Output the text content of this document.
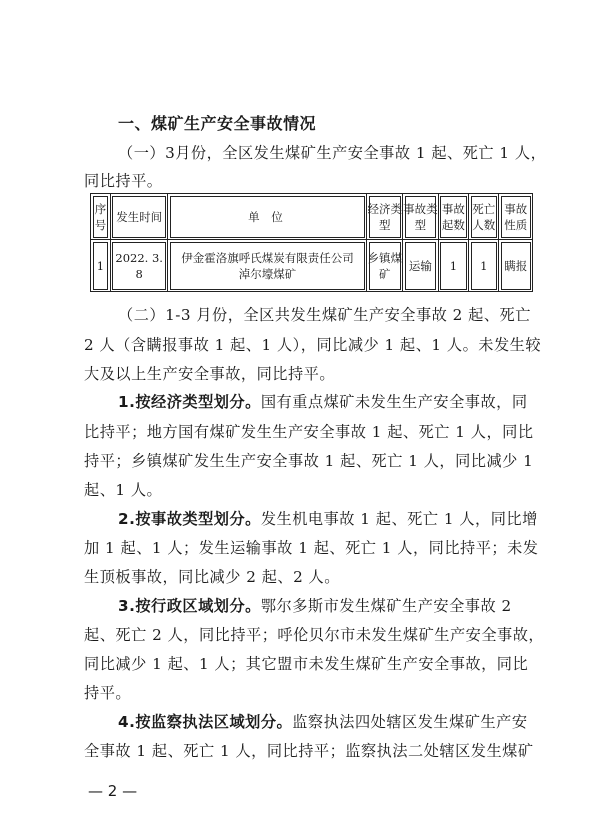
一、煤矿生产安全事故情况
（一）3月份，全区发生煤矿生产安全事故 1 起、死亡 1 人，
同比持平。
序号	发生时间	单 位	经济类型	事故类型	事故起数	死亡人数	事故性质
1	2022. 3. 8	伊金霍洛旗呼氏煤炭有限责任公司
淖尔壕煤矿	乡镇煤矿	运输	1	1	瞒报
（二）1-3 月份，全区共发生煤矿生产安全事故 2 起、死亡
2 人（含瞒报事故 1 起、1 人），同比减少 1 起、1 人。未发生较
大及以上生产安全事故，同比持平。
1.按经济类型划分。国有重点煤矿未发生生产安全事故，同
比持平；地方国有煤矿发生生产安全事故 1 起、死亡 1 人，同比
持平；乡镇煤矿发生生产安全事故 1 起、死亡 1 人，同比减少 1
起、1 人。
2.按事故类型划分。发生机电事故 1 起、死亡 1 人，同比增
加 1 起、1 人；发生运输事故 1 起、死亡 1 人，同比持平；未发
生顶板事故，同比减少 2 起、2 人。
3.按行政区域划分。鄂尔多斯市发生煤矿生产安全事故 2
起、死亡 2 人，同比持平；呼伦贝尔市未发生煤矿生产安全事故，
同比减少 1 起、1 人；其它盟市未发生煤矿生产安全事故，同比
持平。
4.按监察执法区域划分。监察执法四处辖区发生煤矿生产安
全事故 1 起、死亡 1 人，同比持平；监察执法二处辖区发生煤矿
— 2 —
